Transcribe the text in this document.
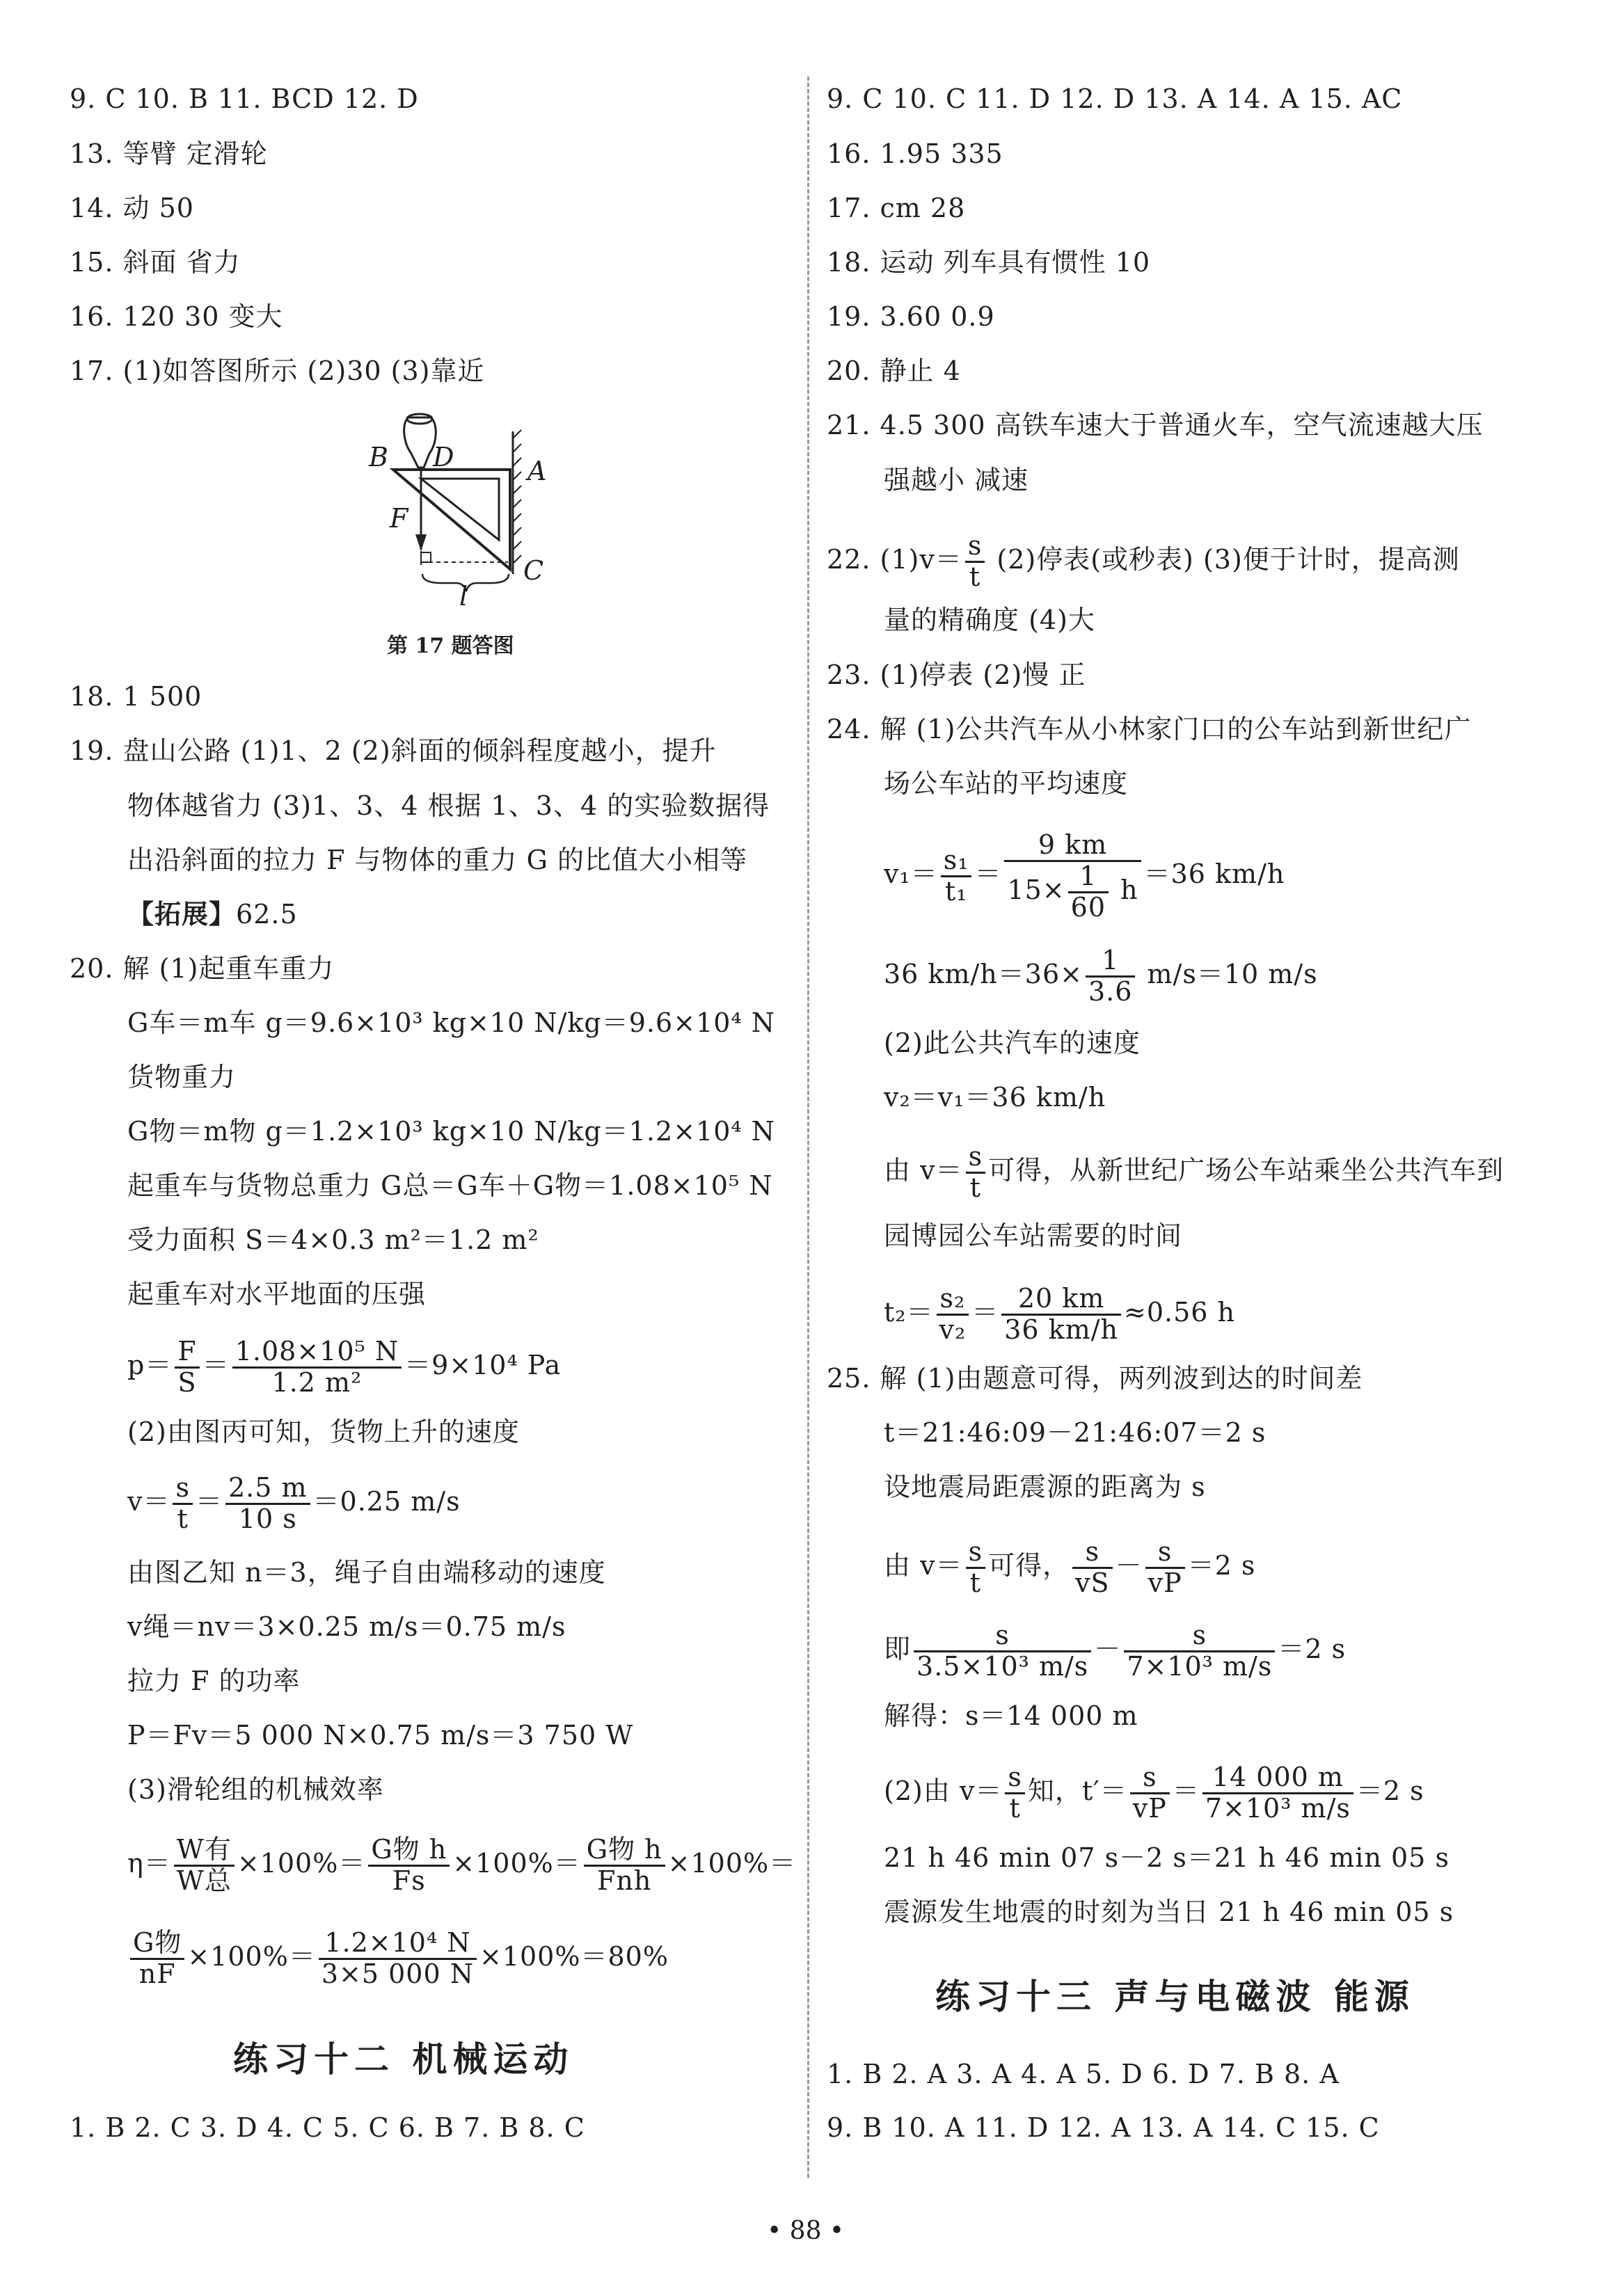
9. C 10. B 11. BCD 12. D
13. 等臂 定滑轮
14. 动 50
15. 斜面 省力
16. 120 30 变大
17. (1)如答图所示 (2)30 (3)靠近
B D	A
F
C
l
第 17 题答图
18. 1 500
19. 盘山公路 (1)1、2 (2)斜面的倾斜程度越小，提升
物体越省力 (3)1、3、4 根据 1、3、4 的实验数据得
出沿斜面的拉力 F 与物体的重力 G 的比值大小相等
【拓展】62.5
20. 解 (1)起重车重力
G车＝m车 g＝9.6×10³ kg×10 N/kg＝9.6×10⁴ N
货物重力
G物＝m物 g＝1.2×10³ kg×10 N/kg＝1.2×10⁴ N
起重车与货物总重力 G总＝G车＋G物＝1.08×10⁵ N
受力面积 S＝4×0.3 m²＝1.2 m²
起重车对水平地面的压强
$p= \frac{F}{S} = \frac{\text{1.08×10⁵ N}}{\text{1.2 m²}} =9\times 10^4$ Pa
(2)由图丙可知，货物上升的速度
$v= \frac{s}{t} = \frac{2.5 m}{10 s} =0.25$ m/s
由图乙知 n＝3，绳子自由端移动的速度
v绳＝nv＝3×0.25 m/s＝0.75 m/s
拉力 F 的功率
P＝Fv＝5 000 N×0.75 m/s＝3 750 W
(3)滑轮组的机械效率
$\eta= \frac{\text{W有}}{\text{W总}} \times 100\%= \frac{\text{G物 h}}{Fs} \times 100\%= \frac{\text{G物 h}}{\text{Fnh}} \times 100\%=$
$\frac{\text{G物}}{nF} \times 100\%= \frac{\text{1.2×10⁴ N}}{3\times 5 000 N} \times 100\%=80\%$
练习十二 机械运动
1. B 2. C 3. D 4. C 5. C 6. B 7. B 8. C
9. C 10. C 11. D 12. D 13. A 14. A 15. AC
16. 1.95 335
17. cm 28
18. 运动 列车具有惯性 10
19. 3.60 0.9
20. 静止 4
21. 4.5 300 高铁车速大于普通火车，空气流速越大压
强越小 减速
22. $(1)v= \frac{s}{t} (2)$停表(或秒表) (3)便于计时，提高测
量的精确度 (4)大
23. (1)停表 (2)慢 正
24. 解 (1)公共汽车从小林家门口的公车站到新世纪广
场公车站的平均速度
$v_1= \frac{\text{s₁}}{\text{t₁}} = \frac{9 km}{15\times \frac{1}{60} h} =36$ km/h
36 $km/h=36\times \frac{1}{3.6} m/s=10$ m/s
(2)此公共汽车的速度
v₂＝v₁＝36 km/h
由 $v= \frac{s}{t}$ 可得，从新世纪广场公车站乘坐公共汽车到
园博园公车站需要的时间
$t_2= \frac{\text{s₂}}{\text{v₂}} = \frac{20 km}{36 km/h} \approx 0.56$ h
25. 解 (1)由题意可得，两列波到达的时间差
t＝21:46:09－21:46:07＝2 s
设地震局距震源的距离为 s
由 $v= \frac{s}{t}$ 可得， $\frac{s}{vS} - \frac{s}{vP} =2$ s
即 $\frac{s}{\text{3.5×10³ m/s}} - \frac{s}{\text{7×10³ m/s}} =2$ s
解得：s＝14 000 m
(2)由 $v= \frac{s}{t}$ 知，$t'= \frac{s}{vP} = \frac{14 000 m}{\text{7×10³ m/s}} =2$ s
21 h 46 min 07 s－2 s＝21 h 46 min 05 s
震源发生地震的时刻为当日 21 h 46 min 05 s
练习十三 声与电磁波 能源
1. B 2. A 3. A 4. A 5. D 6. D 7. B 8. A
9. B 10. A 11. D 12. A 13. A 14. C 15. C
• 88 •
